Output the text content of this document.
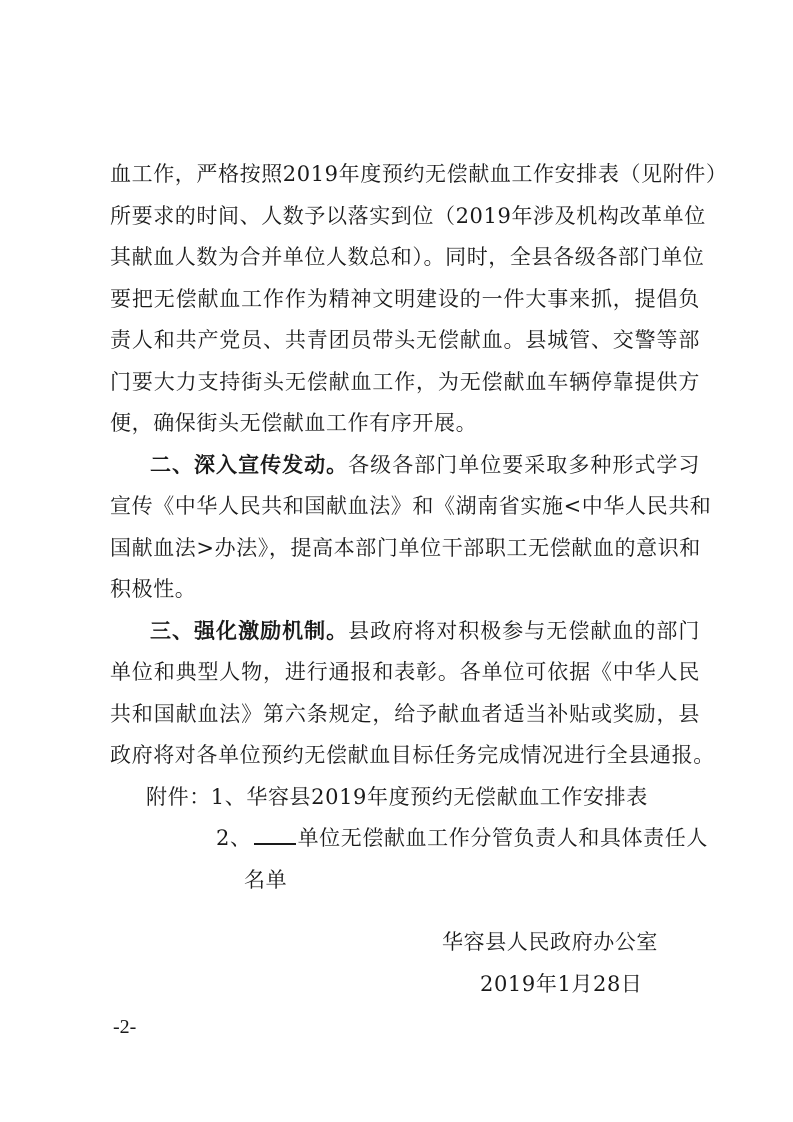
血工作，严格按照2019年度预约无偿献血工作安排表（见附件）
所要求的时间、人数予以落实到位（2019年涉及机构改革单位
其献血人数为合并单位人数总和）。同时，全县各级各部门单位
要把无偿献血工作作为精神文明建设的一件大事来抓，提倡负
责人和共产党员、共青团员带头无偿献血。县城管、交警等部
门要大力支持街头无偿献血工作，为无偿献血车辆停靠提供方
便，确保街头无偿献血工作有序开展。
二、深入宣传发动。各级各部门单位要采取多种形式学习
宣传《中华人民共和国献血法》和《湖南省实施<中华人民共和
国献血法>办法》，提高本部门单位干部职工无偿献血的意识和
积极性。
三、强化激励机制。县政府将对积极参与无偿献血的部门
单位和典型人物，进行通报和表彰。各单位可依据《中华人民
共和国献血法》第六条规定，给予献血者适当补贴或奖励，县
政府将对各单位预约无偿献血目标任务完成情况进行全县通报。
附件：1、华容县2019年度预约无偿献血工作安排表
2、 单位无偿献血工作分管负责人和具体责任人
名单
华容县人民政府办公室
2019年1月28日
-2-
